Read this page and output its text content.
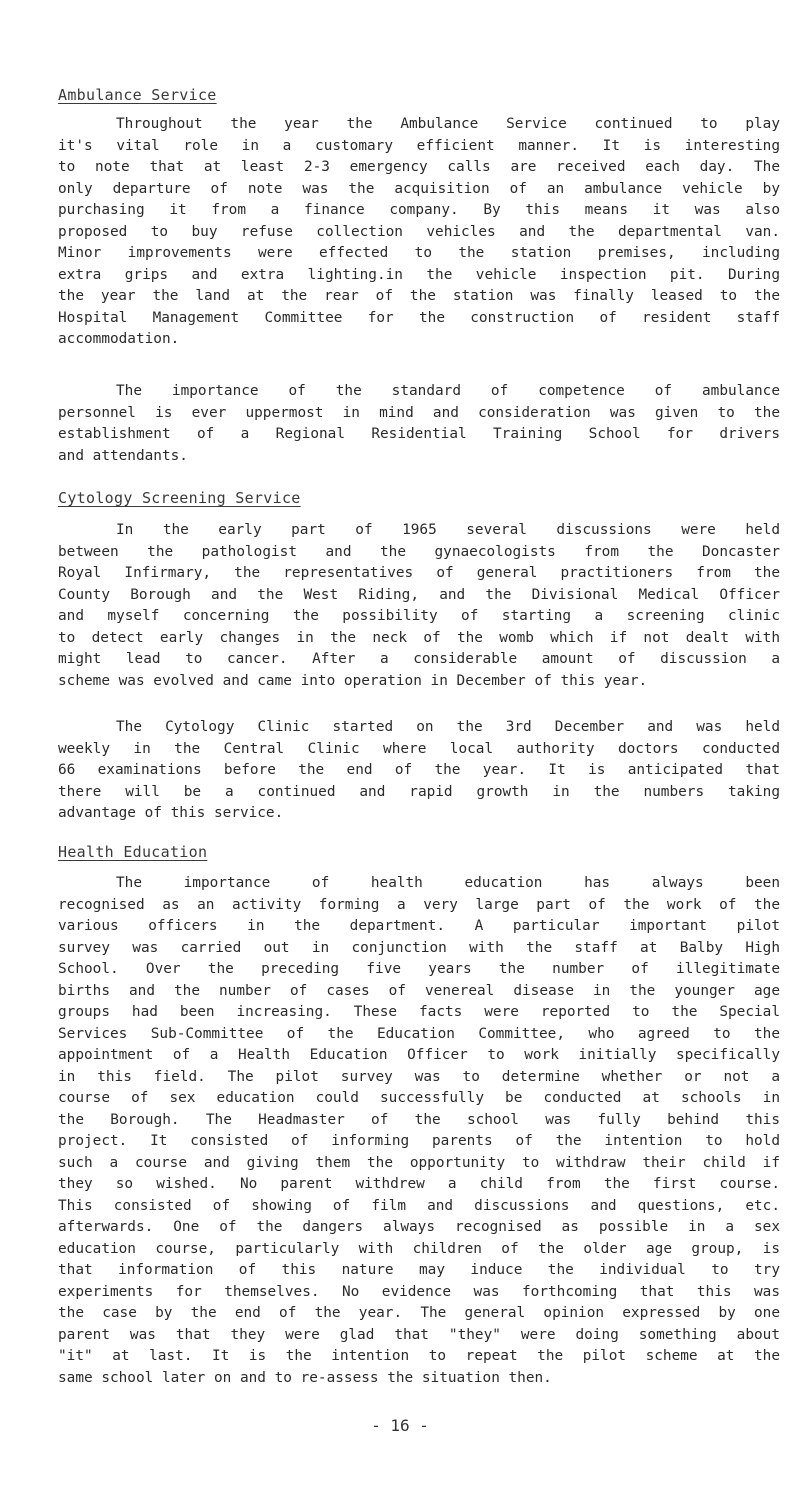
Ambulance Service
Throughout the year the Ambulance Service continued to play
it's vital role in a customary efficient manner. It is interesting
to note that at least 2-3 emergency calls are received each day. The
only departure of note was the acquisition of an ambulance vehicle by
purchasing it from a finance company. By this means it was also
proposed to buy refuse collection vehicles and the departmental van.
Minor improvements were effected to the station premises, including
extra grips and extra lighting.in the vehicle inspection pit. During
the year the land at the rear of the station was finally leased to the
Hospital Management Committee for the construction of resident staff
accommodation.
The importance of the standard of competence of ambulance
personnel is ever uppermost in mind and consideration was given to the
establishment of a Regional Residential Training School for drivers
and attendants.
Cytology Screening Service
In the early part of 1965 several discussions were held
between the pathologist and the gynaecologists from the Doncaster
Royal Infirmary, the representatives of general practitioners from the
County Borough and the West Riding, and the Divisional Medical Officer
and myself concerning the possibility of starting a screening clinic
to detect early changes in the neck of the womb which if not dealt with
might lead to cancer. After a considerable amount of discussion a
scheme was evolved and came into operation in December of this year.
The Cytology Clinic started on the 3rd December and was held
weekly in the Central Clinic where local authority doctors conducted
66 examinations before the end of the year. It is anticipated that
there will be a continued and rapid growth in the numbers taking
advantage of this service.
Health Education
The importance of health education has always been
recognised as an activity forming a very large part of the work of the
various officers in the department. A particular important pilot
survey was carried out in conjunction with the staff at Balby High
School. Over the preceding five years the number of illegitimate
births and the number of cases of venereal disease in the younger age
groups had been increasing. These facts were reported to the Special
Services Sub-Committee of the Education Committee, who agreed to the
appointment of a Health Education Officer to work initially specifically
in this field. The pilot survey was to determine whether or not a
course of sex education could successfully be conducted at schools in
the Borough. The Headmaster of the school was fully behind this
project. It consisted of informing parents of the intention to hold
such a course and giving them the opportunity to withdraw their child if
they so wished. No parent withdrew a child from the first course.
This consisted of showing of film and discussions and questions, etc.
afterwards. One of the dangers always recognised as possible in a sex
education course, particularly with children of the older age group, is
that information of this nature may induce the individual to try
experiments for themselves. No evidence was forthcoming that this was
the case by the end of the year. The general opinion expressed by one
parent was that they were glad that "they" were doing something about
"it" at last. It is the intention to repeat the pilot scheme at the
same school later on and to re-assess the situation then.

- 16 -
